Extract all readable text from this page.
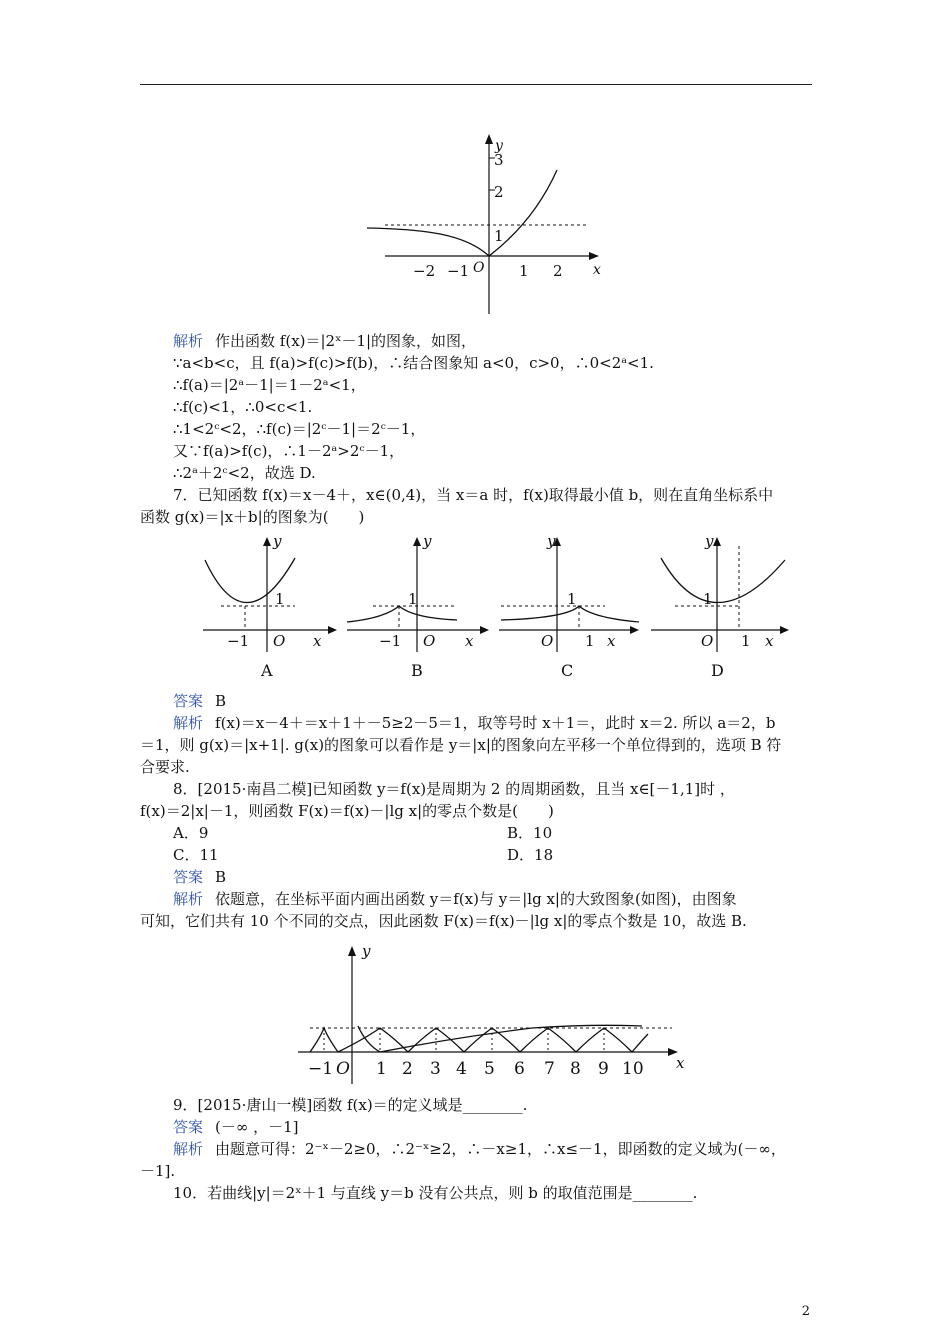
y
x
O
3
2
1
−2 −1	1 2
解析 作出函数 f(x)＝|2ˣ－1|的图象，如图，
∵a<b<c，且 f(a)>f(c)>f(b)，∴结合图象知 a<0，c>0，∴0<2ᵃ<1.
∴f(a)＝|2ᵃ－1|＝1－2ᵃ<1，
∴f(c)<1，∴0<c<1.
∴1<2ᶜ<2，∴f(c)＝|2ᶜ－1|＝2ᶜ－1，
又∵f(a)>f(c)，∴1－2ᵃ>2ᶜ－1，
∴2ᵃ＋2ᶜ<2，故选 D.
7．已知函数 f(x)＝x－4＋，x∈(0,4)，当 x＝a 时，f(x)取得最小值 b，则在直角坐标系中
函数 g(x)＝|x＋b|的图象为(　　)
y
1
−1 O x
A
y
1
−1 O x
B
y
1
O 1 x
C
y
1
O 1 x
D
答案 B
解析 f(x)＝x－4＋＝x＋1＋－5≥2－5＝1，取等号时 x＋1＝，此时 x＝2. 所以 a＝2，b
＝1，则 g(x)＝|x+1|. g(x)的图象可以看作是 y＝|x|的图象向左平移一个单位得到的，选项 B 符
合要求.
8．[2015·南昌二模]已知函数 y＝f(x)是周期为 2 的周期函数，且当 x∈[－1,1]时 ，
f(x)＝2|x|－1，则函数 F(x)＝f(x)－|lg x|的零点个数是(　　)
A．9	B．10
C．11	D．18
答案 B
解析 依题意，在坐标平面内画出函数 y＝f(x)与 y＝|lg x|的大致图象(如图)，由图象
可知，它们共有 10 个不同的交点，因此函数 F(x)＝f(x)－|lg x|的零点个数是 10，故选 B.
y
x
O
−1	1 2 3 4 5 6 7 8 9 10
9．[2015·唐山一模]函数 f(x)＝的定义域是________.
答案 (－∞ ，－1]
解析 由题意可得：2⁻ˣ－2≥0，∴2⁻ˣ≥2，∴－x≥1，∴x≤－1，即函数的定义域为(－∞，
－1].
10．若曲线|y|＝2ˣ＋1 与直线 y＝b 没有公共点，则 b 的取值范围是________.
2
